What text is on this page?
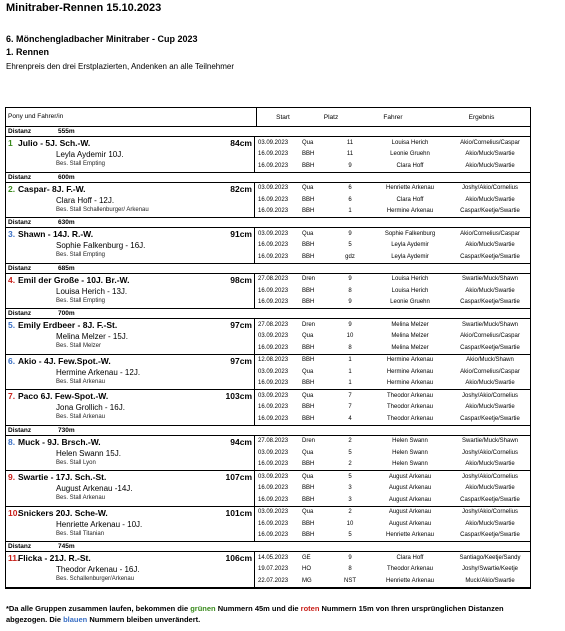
Minitraber-Rennen 15.10.2023
6. Mönchengladbacher Minitraber - Cup 2023
1. Rennen
Ehrenpreis den drei Erstplazierten, Andenken an alle Teilnehmer
Pony und Fahrer/in	Start	Platz	Fahrer	Ergebnis
Distanz	555m
1 Julio - 5J. Sch.-W.	84cm
Leyla Aydemir 10J.
Bes. Stall Empting
03.09.2023	Qua	11	Louisa Herich	Akio/Cornelius/Caspar
16.09.2023	BBH	11	Leonie Gruehn	Akio/Muck/Swartie
16.09.2023	BBH	9	Clara Hoff	Akio/Muck/Swartie
Distanz	600m
2. Caspar- 8J. F.-W.	82cm
Clara Hoff - 12J.
Bes. Stall Schallenburger/ Arkenau
03.09.2023	Qua	6	Henriette Arkenau	Joshy/Akio/Cornelius
16.09.2023	BBH	6	Clara Hoff	Akio/Muck/Swartie
16.09.2023	BBH	1	Hermine Arkenau	Caspar/Keetje/Swartie
Distanz	630m
3. Shawn - 14J. R.-W.	91cm
Sophie Falkenburg - 16J.
Bes. Stall Empting
03.09.2023	Qua	9	Sophie Falkenburg	Akio/Cornelius/Caspar
16.09.2023	BBH	5	Leyla Aydemir	Akio/Muck/Swartie
16.09.2023	BBH	gdz	Leyla Aydemir	Caspar/Keetje/Swartie
Distanz	685m
4. Emil der Große - 10J. Br.-W.	98cm
Louisa Herich - 13J.
Bes. Stall Empting
27.08.2023	Dren	9	Louisa Herich	Swartie/Muck/Shawn
16.09.2023	BBH	8	Louisa Herich	Akio/Muck/Swartie
16.09.2023	BBH	9	Leonie Gruehn	Caspar/Keetje/Swartie
Distanz	700m
5. Emily Erdbeer - 8J. F.-St.	97cm
Melina Melzer - 15J.
Bes. Stall Melzer
27.08.2023	Dren	9	Melina Melzer	Swartie/Muck/Shawn
03.09.2023	Qua	10	Melina Melzer	Akio/Cornelius/Caspar
16.09.2023	BBH	8	Melina Melzer	Caspar/Keetje/Swartie
6. Akio - 4J. Few.Spot.-W.	97cm
Hermine Arkenau - 12J.
Bes. Stall Arkenau
12.08.2023	BBH	1	Hermine Arkenau	Akio/Muck/Shawn
03.09.2023	Qua	1	Hermine Arkenau	Akio/Cornelius/Caspar
16.09.2023	BBH	1	Hermine Arkenau	Akio/Muck/Swartie
7. Paco 6J. Few-Spot.-W.	103cm
Jona Grollich - 16J.
Bes. Stall Arkenau
03.09.2023	Qua	7	Theodor Arkenau	Joshy/Akio/Cornelius
16.09.2023	BBH	7	Theodor Arkenau	Akio/Muck/Swartie
16.09.2023	BBH	4	Theodor Arkenau	Caspar/Keetje/Swartie
Distanz	730m
8. Muck - 9J. Brsch.-W.	94cm
Helen Swann 15J.
Bes. Stall Lyon
27.08.2023	Dren	2	Helen Swann	Swartie/Muck/Shawn
03.09.2023	Qua	5	Helen Swann	Joshy/Akio/Cornelius
16.09.2023	BBH	2	Helen Swann	Akio/Muck/Swartie
9. Swartie - 17J. Sch.-St.	107cm
August Arkenau -14J.
Bes. Stall Arkenau
03.09.2023	Qua	5	August Arkenau	Joshy/Akio/Cornelius
16.09.2023	BBH	3	August Arkenau	Akio/Muck/Swartie
16.09.2023	BBH	3	August Arkenau	Caspar/Keetje/Swartie
10.
Snickers 20J. Sche-W.	101cm
Henriette Arkenau - 10J.
Bes. Stall Titanian
03.09.2023	Qua	2	August Arkenau	Joshy/Akio/Cornelius
16.09.2023	BBH	10	August Arkenau	Akio/Muck/Swartie
16.09.2023	BBH	5	Henriette Arkenau	Caspar/Keetje/Swartie
Distanz	745m
11.
Flicka - 21J. R.-St.	106cm
Theodor Arkenau - 16J.
Bes. Schallenburger/Arkenau
14.05.2023	GE	9	Clara Hoff	Santiago/Keetje/Sandy
19.07.2023	HO	8	Theodor Arkenau	Joshy/Swartie/Keetje
22.07.2023	MG	NST	Henriette Arkenau	Muck/Akio/Swartie
*Da alle Gruppen zusammen laufen, bekommen die grünen Nummern 45m und die roten Nummern 15m von Ihren ursprünglichen Distanzen abgezogen. Die blauen Nummern bleiben unverändert.
